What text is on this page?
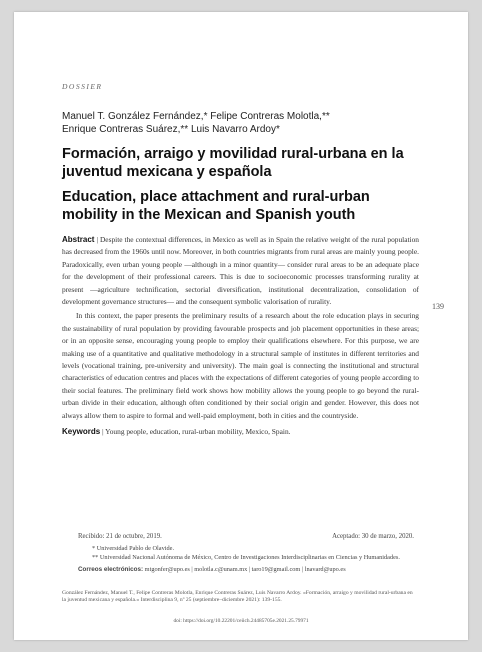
DOSSIER
Manuel T. González Fernández,* Felipe Contreras Molotla,**
Enrique Contreras Suárez,** Luis Navarro Ardoy*
Formación, arraigo y movilidad rural-urbana en la juventud mexicana y española
Education, place attachment and rural-urban mobility in the Mexican and Spanish youth

Abstract | Despite the contextual differences, in Mexico as well as in Spain the relative weight of the rural population has decreased from the 1960s until now. Moreover, in both countries migrants from rural areas are mainly young people. Paradoxically, even urban young people —although in a minor quantity— consider rural areas to be an adequate place for the development of their professional careers. This is due to socioeconomic processes transforming rurality at present —agriculture technification, sectorial diversification, institutional decentralization, consolidation of development governance structures— and the consequent symbolic valorisation of rurality.

In this context, the paper presents the preliminary results of a research about the role education plays in securing the sustainability of rural population by providing favourable prospects and job placement opportunities in these areas; or in an opposite sense, encouraging young people to employ their qualifications elsewhere. For this purpose, we are making use of a quantitative and qualitative methodology in a structural sample of institutes in different territories and levels (vocational training, pre-university and university). The main goal is connecting the institutional and structural characteristics of education centres and places with the expectations of different categories of young people according to their social features. The preliminary field work shows how mobility allows the young people to go beyond the rural-urban divide in their education, although often conditioned by their social origin and gender. However, this does not always allow them to aspire to formal and well-paid employment, both in cities and the countryside.

Keywords | Young people, education, rural-urban mobility, Mexico, Spain.

139
Recibido: 21 de octubre, 2019.	Aceptado: 30 de marzo, 2020.
* Universidad Pablo de Olavide.
** Universidad Nacional Autónoma de México, Centro de Investigaciones Interdisciplinarias en Ciencias y Humanidades.
Correos electrónicos: mtgonfer@upo.es | molotla.c@unam.mx | taro19@gmail.com | lnavard@upo.es
González Fernández, Manuel T., Felipe Contreras Molotla, Enrique Contreras Suárez, Luis Navarro Ardoy. «Formación, arraigo y movilidad rural-urbana en la juventud mexicana y española.» Interdisciplina 9, nº 25 (septiembre–diciembre 2021): 139-155.
doi: https://doi.org/10.22201/ceiich.24485705e.2021.25.79971
